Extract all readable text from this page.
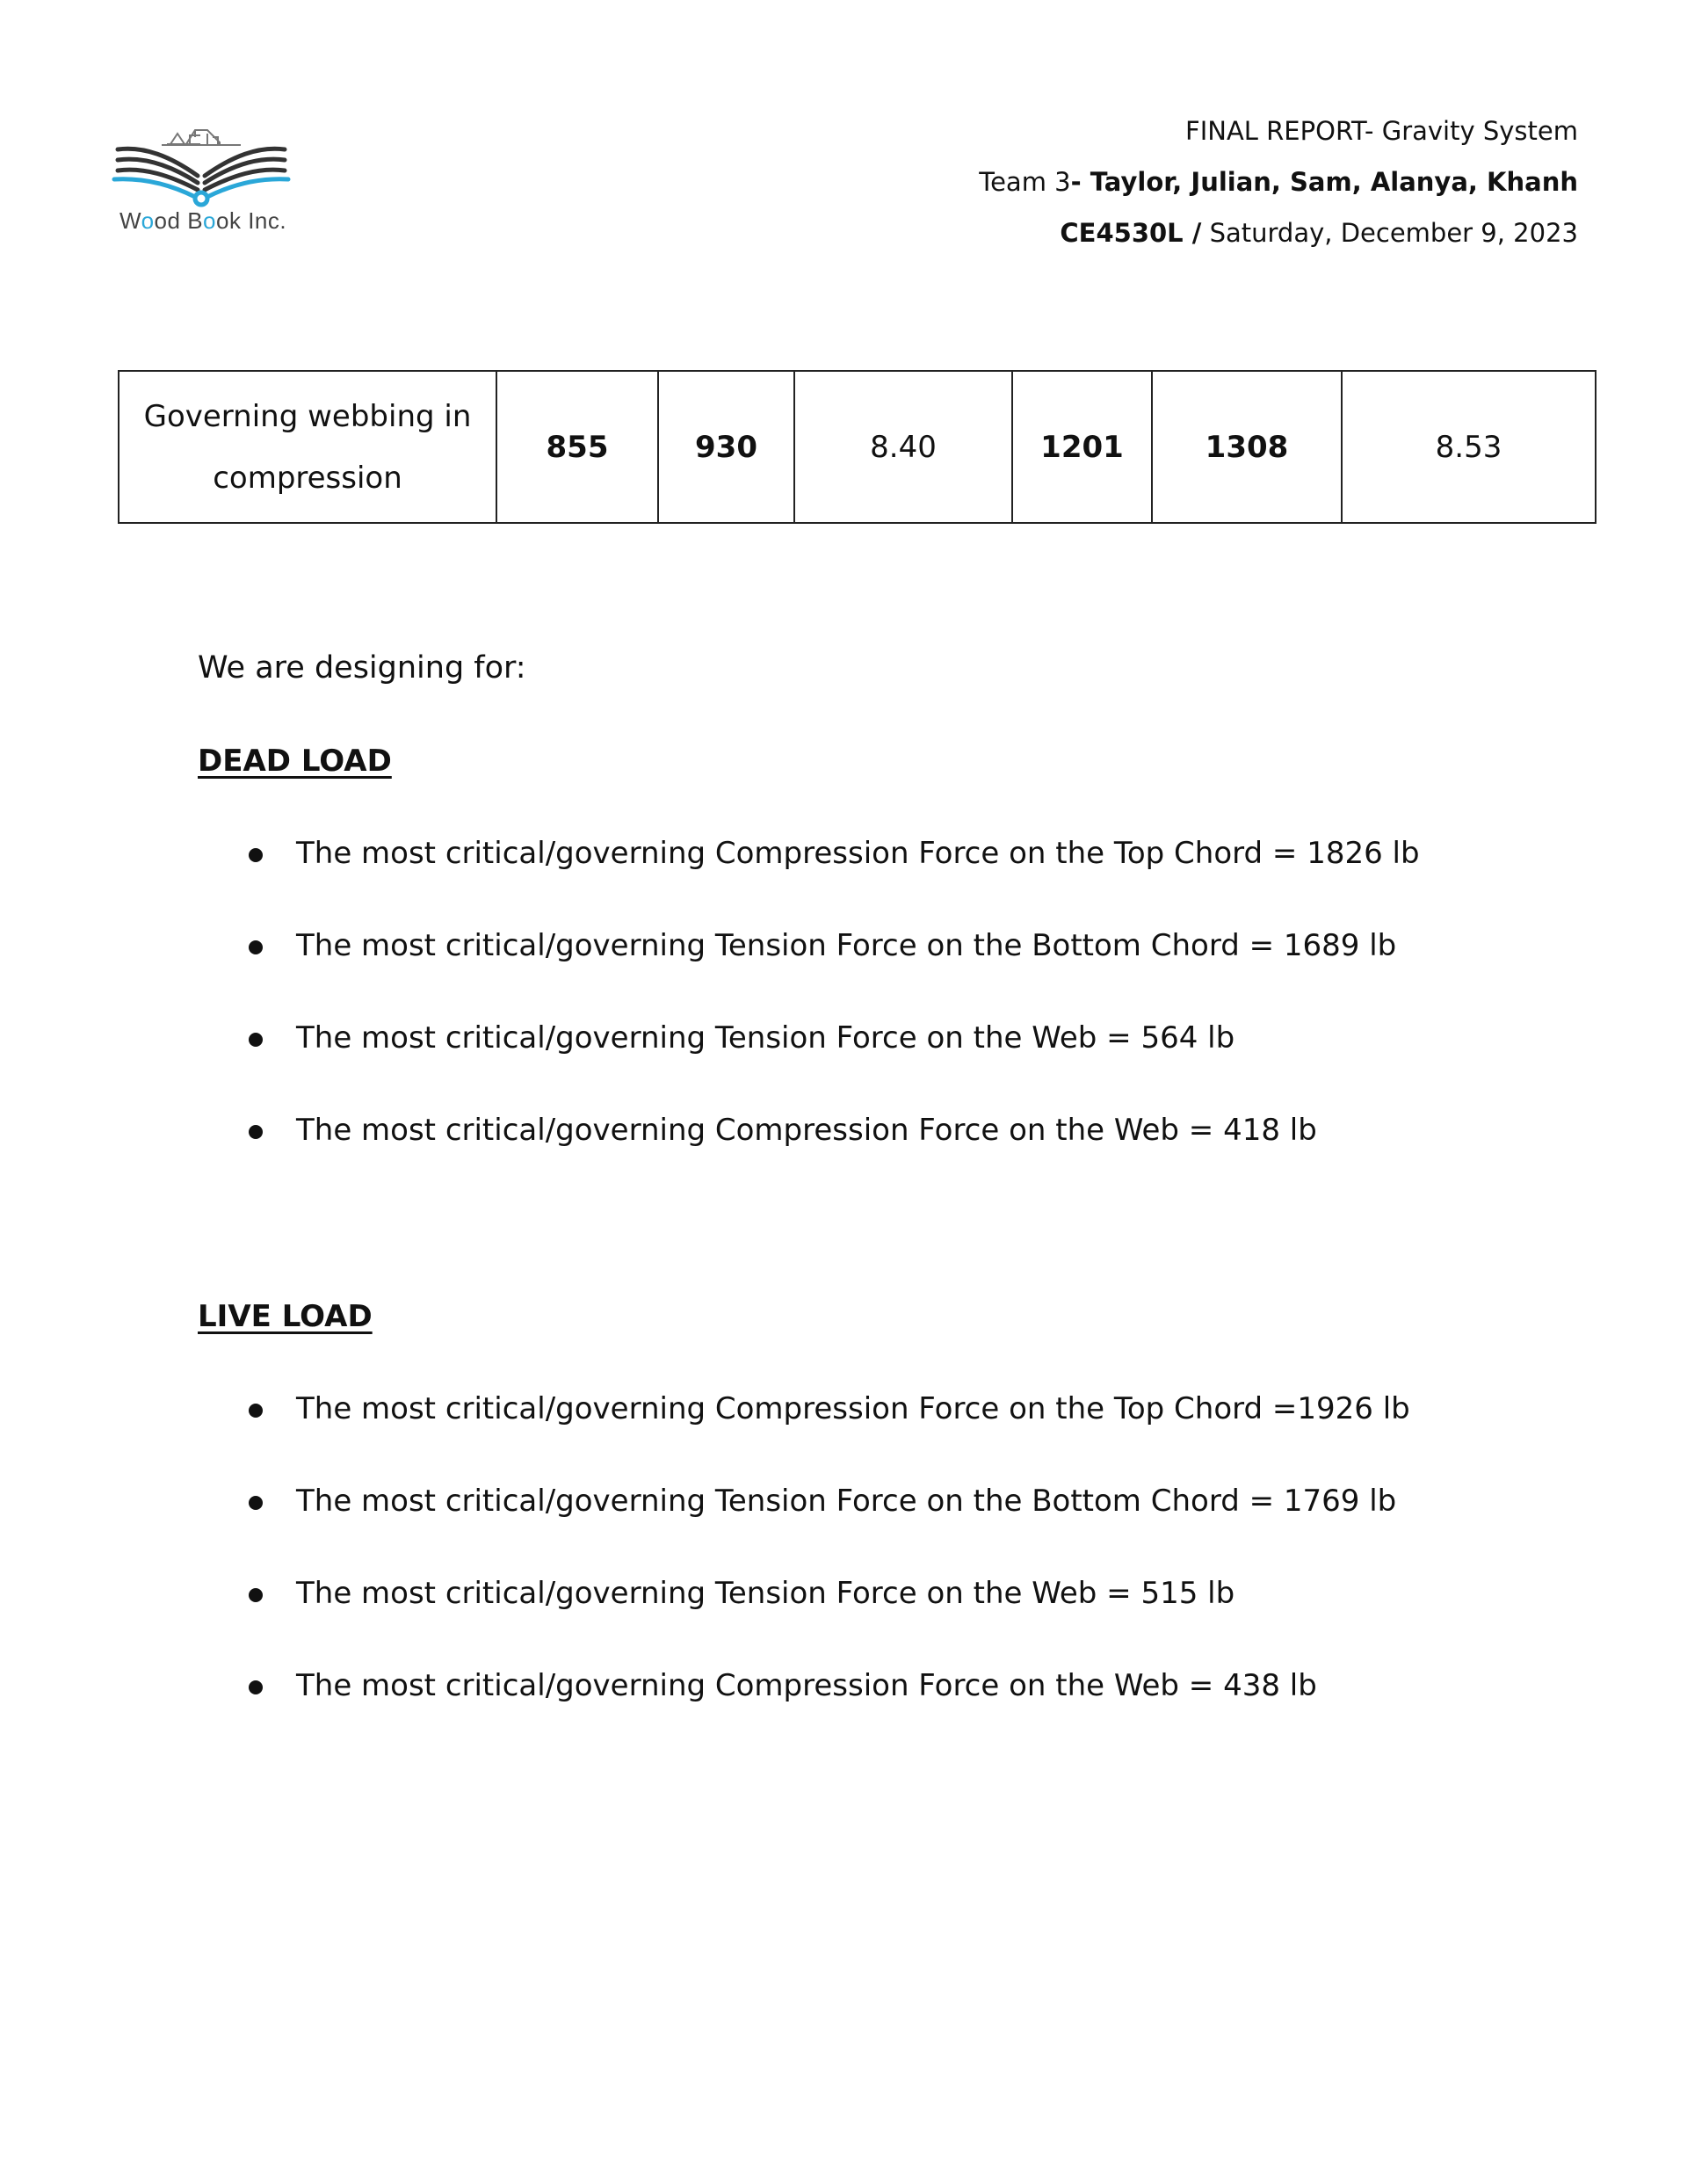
Wood Book Inc.
FINAL REPORT- Gravity System
Team 3- Taylor, Julian, Sam, Alanya, Khanh
CE4530L / Saturday, December 9, 2023
Governing webbing in compression	855	930	8.40	1201	1308	8.53
We are designing for:
DEAD LOAD
The most critical/governing Compression Force on the Top Chord = 1826 lb
The most critical/governing Tension Force on the Bottom Chord = 1689 lb
The most critical/governing Tension Force on the Web = 564 lb
The most critical/governing Compression Force on the Web = 418 lb
LIVE LOAD
The most critical/governing Compression Force on the Top Chord =1926 lb
The most critical/governing Tension Force on the Bottom Chord = 1769 lb
The most critical/governing Tension Force on the Web = 515 lb
The most critical/governing Compression Force on the Web = 438 lb
